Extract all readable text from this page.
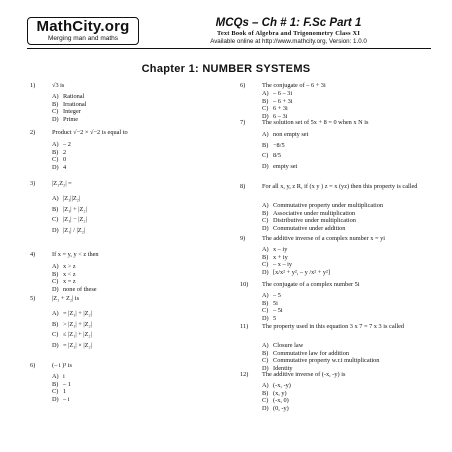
MathCity.org
Merging man and maths
MCQs – Ch # 1: F.Sc Part 1
Text Book of Algebra and Trigonometry Class XI
Available online at http://www.mathcity.org, Version: 1.0.0
Chapter 1: NUMBER SYSTEMS
1)	√3 is
A) Rational
B) Irrational
C) Integer
D) Prime
2)	Product √−2 × √−2 is equal to
A) – 2
B) 2
C) 0
D) 4
3)	|Z₁Z₂| =
A) |Z₁||Z₂|
B) |Z₁| + |Z₂|
C) |Z₁| − |Z₂|
D) |Z₁| / |Z₂|
4)	If x = y, y < z then
A) x > z
B) x < z
C) x = z
D) none of these
5)	|Z₁ + Z₂| is
A) = |Z₁| + |Z₂|
B) > |Z₁| + |Z₂|
C) ≤ |Z₁| + |Z₂|
D) = |Z₁| × |Z₂|
6)	(– i )³ is
A) i
B) – 1
C) 1
D) – i
6)	The conjugate of – 6 + 3i
A) – 6 – 3i
B) – 6 + 3i
C) 6 + 3i
D) 6 – 3i
7)	The solution set of 5x + 8 = 0 when x N is
A) non empty set
B) −8/5
C) 8/5
D) empty set
8)	For all x, y, z R, if (x y ) z = x (yz) then this property is called
A) Commutative property under multiplication
B) Associative under multiplication
C) Distributive under multiplication
D) Commutative under addition
9)	The additive inverse of a complex number x = yi
A) x – iy
B) x + iy
C) – x – iy
D) [x/x² + y², – y /x² + y²]
10) The conjugate of a complex number 5i
A) – 5
B) 5i
C) – 5i
D) 5
11) The property used in this equation 3 x 7 = 7 x 3 is called
A) Closure law
B) Commutative law for addition
C) Commutative property w.r.t multiplication
D) Identity
12) The additive inverse of (-x, -y) is
A) (-x, -y)
B) (x, y)
C) (-x, 0)
D) (0, -y)
